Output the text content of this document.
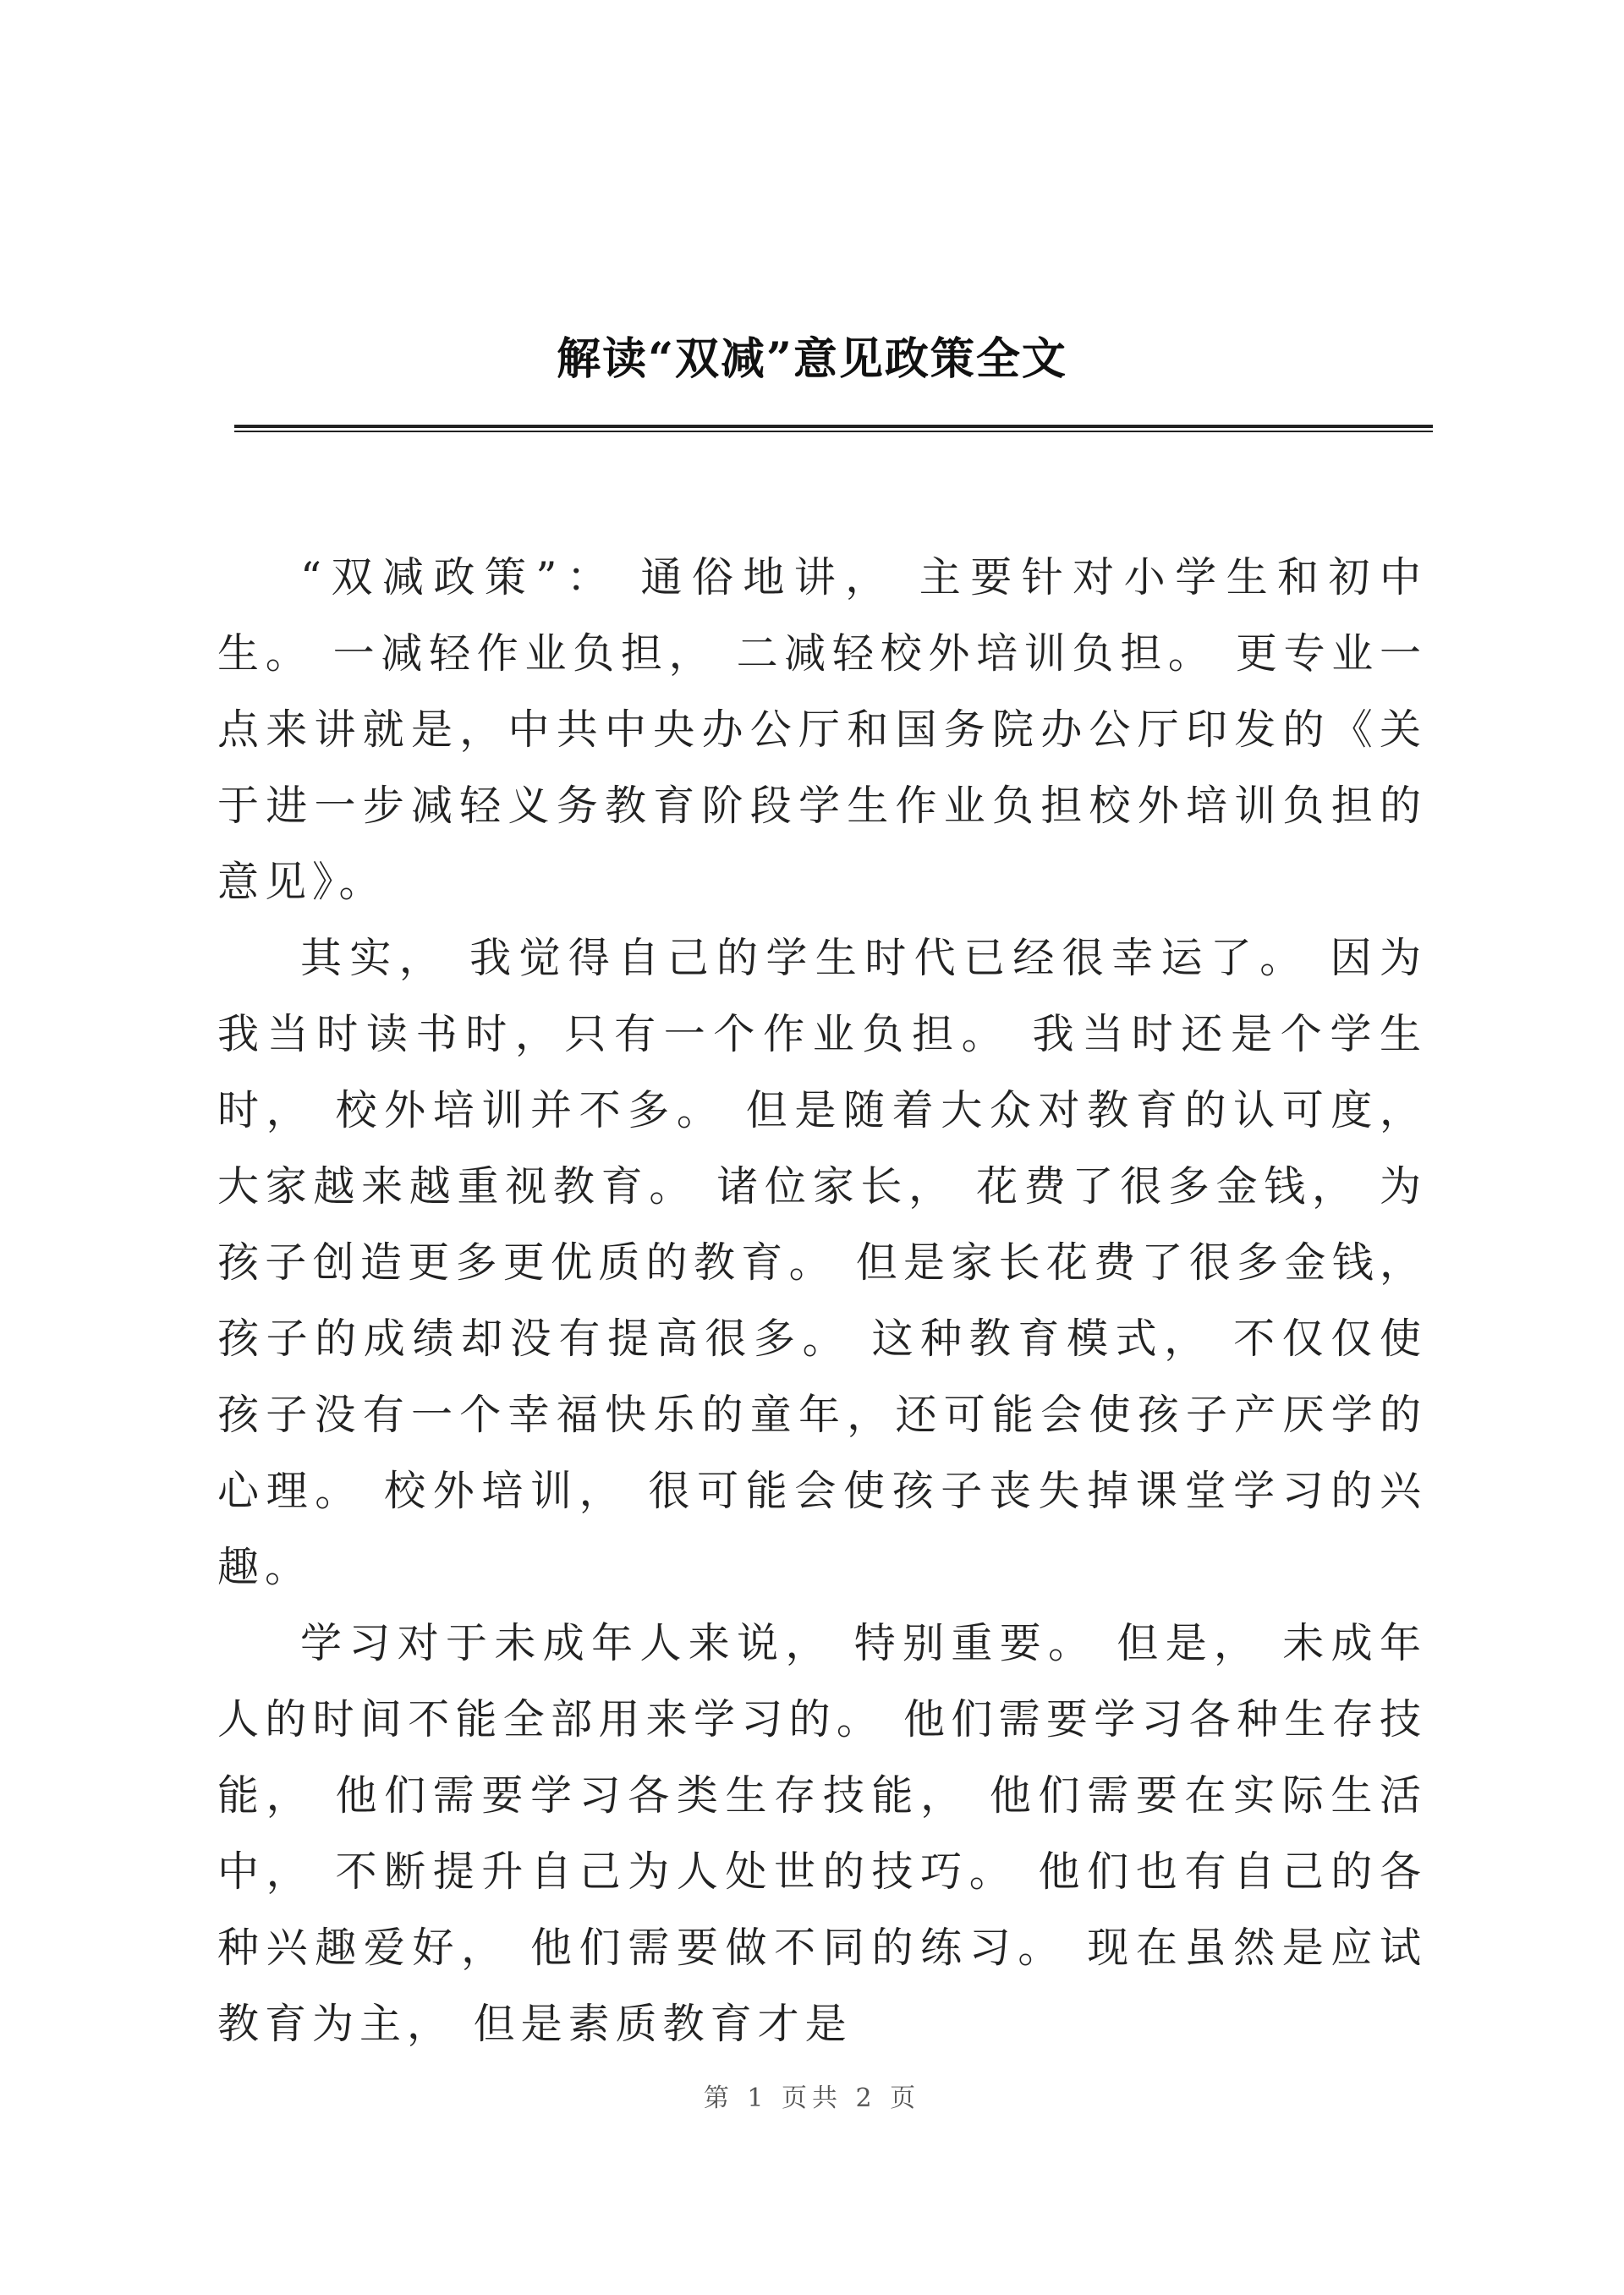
解读“双减”意见政策全文

“双减政策”： 通俗地讲， 主要针对小学生和初中生。 一减轻作业负担， 二减轻校外培训负担。 更专业一点来讲就是，中共中央办公厅和国务院办公厅印发的《关于进一步减轻义务教育阶段学生作业负担校外培训负担的意见》。

其实， 我觉得自己的学生时代已经很幸运了。 因为我当时读书时，只有一个作业负担。 我当时还是个学生时， 校外培训并不多。 但是随着大众对教育的认可度， 大家越来越重视教育。 诸位家长， 花费了很多金钱， 为孩子创造更多更优质的教育。 但是家长花费了很多金钱， 孩子的成绩却没有提高很多。 这种教育模式， 不仅仅使孩子没有一个幸福快乐的童年，还可能会使孩子产厌学的心理。 校外培训， 很可能会使孩子丧失掉课堂学习的兴趣。

学习对于未成年人来说， 特别重要。 但是， 未成年人的时间不能全部用来学习的。 他们需要学习各种生存技能， 他们需要学习各类生存技能， 他们需要在实际生活中， 不断提升自己为人处世的技巧。 他们也有自己的各种兴趣爱好， 他们需要做不同的练习。 现在虽然是应试教育为主， 但是素质教育才是

第 1 页共 2 页
